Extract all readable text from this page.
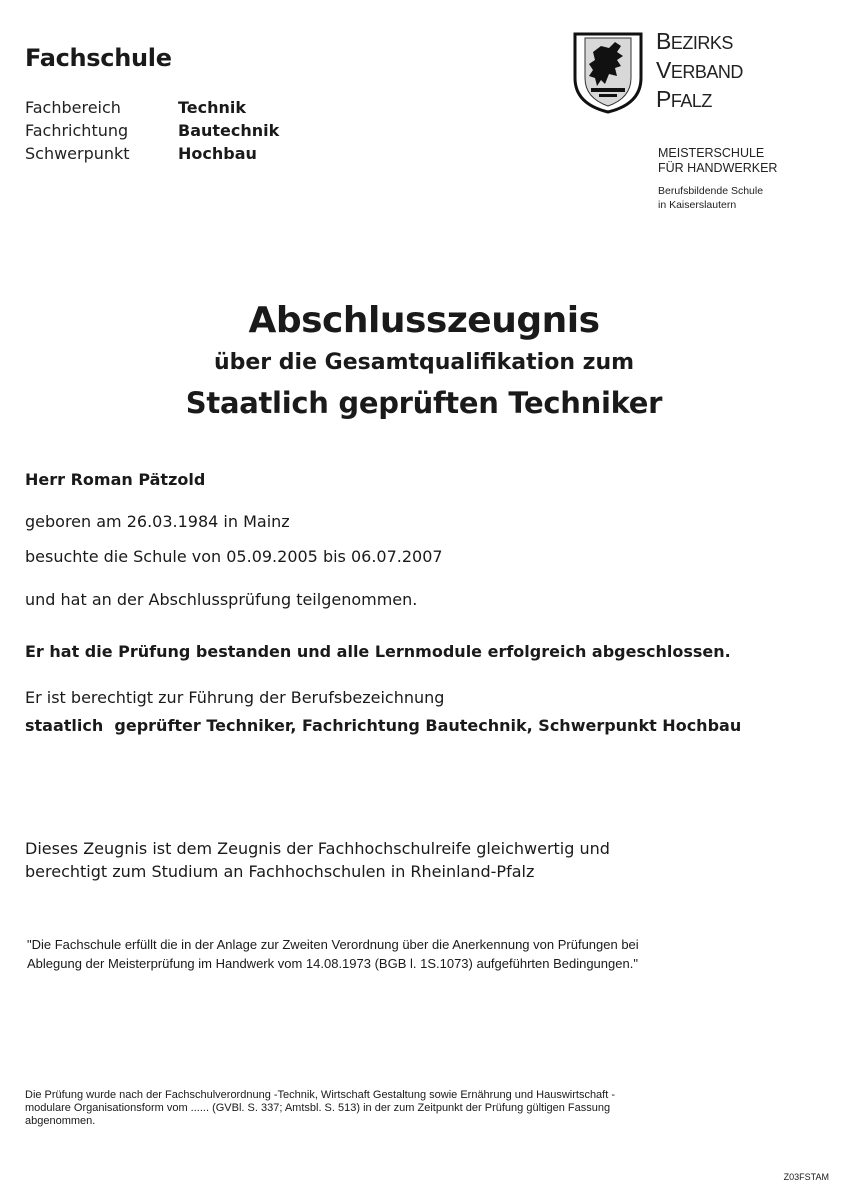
Fachschule
Fachbereich	Technik
Fachrichtung	Bautechnik
Schwerpunkt	Hochbau
BEZIRKS
VERBAND
PFALZ
MEISTERSCHULE
FÜR HANDWERKER
Berufsbildende Schule
in Kaiserslautern
Abschlusszeugnis
über die Gesamtqualifikation zum
Staatlich geprüften Techniker
Herr Roman Pätzold
geboren am 26.03.1984 in Mainz
besuchte die Schule von 05.09.2005 bis 06.07.2007
und hat an der Abschlussprüfung teilgenommen.
Er hat die Prüfung bestanden und alle Lernmodule erfolgreich abgeschlossen.
Er ist berechtigt zur Führung der Berufsbezeichnung
staatlich  geprüfter Techniker, Fachrichtung Bautechnik, Schwerpunkt Hochbau
Dieses Zeugnis ist dem Zeugnis der Fachhochschulreife gleichwertig und
berechtigt zum Studium an Fachhochschulen in Rheinland-Pfalz
"Die Fachschule erfüllt die in der Anlage zur Zweiten Verordnung über die Anerkennung von Prüfungen bei
Ablegung der Meisterprüfung im Handwerk vom 14.08.1973 (BGB l. 1S.1073) aufgeführten Bedingungen."
Die Prüfung wurde nach der Fachschulverordnung -Technik, Wirtschaft Gestaltung sowie Ernährung und Hauswirtschaft -
modulare Organisationsform vom ...... (GVBl. S. 337; Amtsbl. S. 513) in der zum Zeitpunkt der Prüfung gültigen Fassung
abgenommen.
Z03FSTAM
